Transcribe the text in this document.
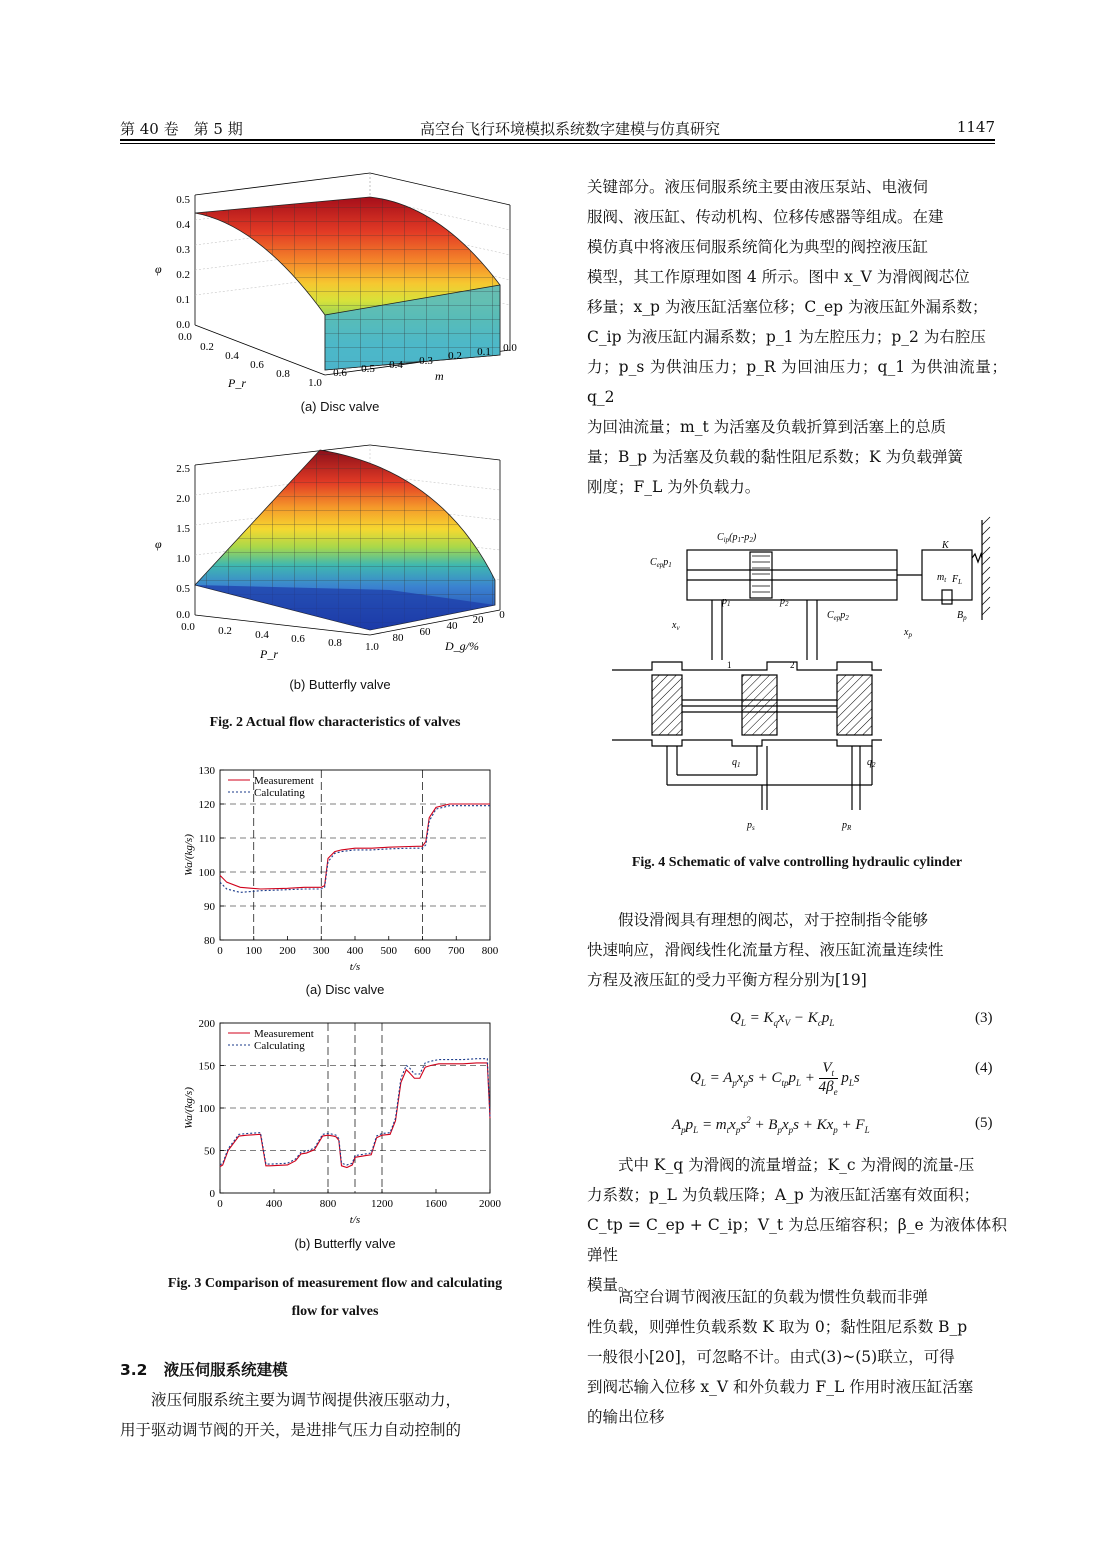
第 40 卷　第 5 期	高空台飞行环境模拟系统数字建模与仿真研究	1147
0.5
0.4
0.3
0.2
0.1
0.0
φ
0.0
0.2
0.4
0.6
0.8
1.0
P_r
0.6 0.5 0.4 0.3 0.2 0.1 0.0
m
(a) Disc valve
2.5
2.0
1.5
1.0
0.5
0.0
φ
0.0 0.2 0.4 0.6 0.8 1.0
P_r
80 60 40 20 0
D_g/%
(b) Butterfly valve
Fig. 2 Actual flow characteristics of valves
0 100 200 300 400 500 600 700 800
80
90
100
110
120
130
t/s
Wa/(kg/s)
Measurement
Calculating
(a) Disc valve
0	400	800	1200	1600	2000
0
50
100
150
200
t/s
Wa/(kg/s)
Measurement
Calculating
(b) Butterfly valve
Fig. 3 Comparison of measurement flow and calculating
flow for valves
3.2 液压伺服系统建模
液压伺服系统主要为调节阀提供液压驱动力，
用于驱动调节阀的开关，是进排气压力自动控制的
关键部分。液压伺服系统主要由液压泵站、电液伺
服阀、液压缸、传动机构、位移传感器等组成。在建
模仿真中将液压伺服系统简化为典型的阀控液压缸
模型，其工作原理如图 4 所示。图中 x_V 为滑阀阀芯位
移量；x_p 为液压缸活塞位移；C_ep 为液压缸外漏系数；
C_ip 为液压缸内漏系数；p_1 为左腔压力；p_2 为右腔压
力；p_s 为供油压力；p_R 为回油压力；q_1 为供油流量；q_2
为回油流量；m_t 为活塞及负载折算到活塞上的总质
量；B_p 为活塞及负载的黏性阻尼系数；K 为负载弹簧
刚度；F_L 为外负载力。
$C_{ip}(p_1-p_2)$
$C_{ep}p_1$
$p_1$	$p_2$
$C_{ep}p_2$
$m_t$
K
$F_L$
$B_p$
$x_p$
$x_v$
$q_1$	$q_2$
$p_s$	$p_R$
1	2
Fig. 4 Schematic of valve controlling hydraulic cylinder
假设滑阀具有理想的阀芯，对于控制指令能够
快速响应，滑阀线性化流量方程、液压缸流量连续性
方程及液压缸的受力平衡方程分别为[19]
$Q_L = K_qx_V - K_cp_L$	(3)
$Q_L = A_px_ps + C_{tp}p_L + \frac{V_t}{4\beta_e} p_Ls$
(4)
$A_pp_L = m_tx_ps^2 + B_px_ps + Kx_p + F_L$	(5)
式中 K_q 为滑阀的流量增益；K_c 为滑阀的流量-压
力系数；p_L 为负载压降；A_p 为液压缸活塞有效面积；
C_tp = C_ep + C_ip；V_t 为总压缩容积；β_e 为液体体积弹性
模量。
高空台调节阀液压缸的负载为惯性负载而非弹
性负载，则弹性负载系数 K 取为 0；黏性阻尼系数 B_p
一般很小[20]，可忽略不计。由式(3)~(5)联立，可得
到阀芯输入位移 x_V 和外负载力 F_L 作用时液压缸活塞
的输出位移
